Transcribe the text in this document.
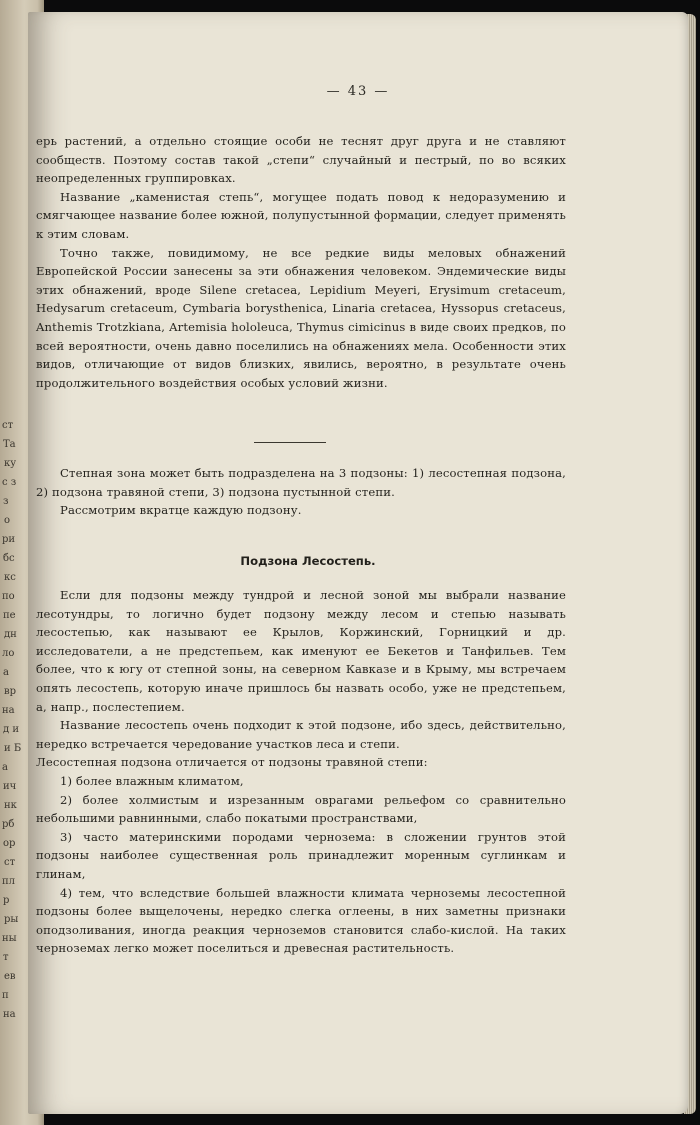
ст
Та
ку
с з
з
о
ри
бс
кс
по
пе
дн
ло
а
вр
на
д и
и Б
а
ич
нк
рб
ор
ст
пл
р
ры
ны
т
ев
п
на
— 43 —

ерь растений, а отдельно стоящие особи не теснят друг друга и не ставляют сообществ. Поэтому состав такой „степи“ случайный и пестрый, по во всяких неопределенных группировках.

Название „каменистая степь“, могущее подать повод к недоразумению и смягчающее название более южной, полупустынной формации, следует применять к этим словам.

Точно также, повидимому, не все редкие виды меловых обнажений Европейской России занесены за эти обнажения человеком. Эндемические виды этих обнажений, вроде Silene cretacea, Lepidium Meyeri, Erysimum cretaceum, Hedysarum cretaceum, Cymbaria borysthenica, Linaria cretacea, Hyssopus cretaceus, Anthemis Trotzkiana, Artemisia hololeuca, Thymus cimicinus в виде своих предков, по всей вероятности, очень давно поселились на обнажениях мела. Особенности этих видов, отличающие от видов близких, явились, вероятно, в результате очень продолжительного воздействия особых условий жизни.

Степная зона может быть подразделена на 3 подзоны: 1) лесостепная подзона, 2) подзона травяной степи, 3) подзона пустынной степи.

Рассмотрим вкратце каждую подзону.

Подзона Лесостепь.

Если для подзоны между тундрой и лесной зоной мы выбрали название лесотундры, то логично будет подзону между лесом и степью называть лесостепью, как называют ее Крылов, Коржинский, Горницкий и др. исследователи, а не предстепьем, как именуют ее Бекетов и Танфильев. Тем более, что к югу от степной зоны, на северном Кавказе и в Крыму, мы встречаем опять лесостепь, которую иначе пришлось бы назвать особо, уже не предстепьем, а, напр., послестепием.

Название лесостепь очень подходит к этой подзоне, ибо здесь, действительно, нередко встречается чередование участков леса и степи.

Лесостепная подзона отличается от подзоны травяной степи:

1) более влажным климатом,

2) более холмистым и изрезанным оврагами рельефом со сравнительно небольшими равнинными, слабо покатыми пространствами,

3) часто материнскими породами чернозема: в сложении грунтов этой подзоны наиболее существенная роль принадлежит моренным суглинкам и глинам,

4) тем, что вследствие большей влажности климата черноземы лесостепной подзоны более выщелочены, нередко слегка оглеены, в них заметны признаки оподзоливания, иногда реакция черноземов становится слабо-кислой. На таких черноземах легко может поселиться и древесная растительность.
